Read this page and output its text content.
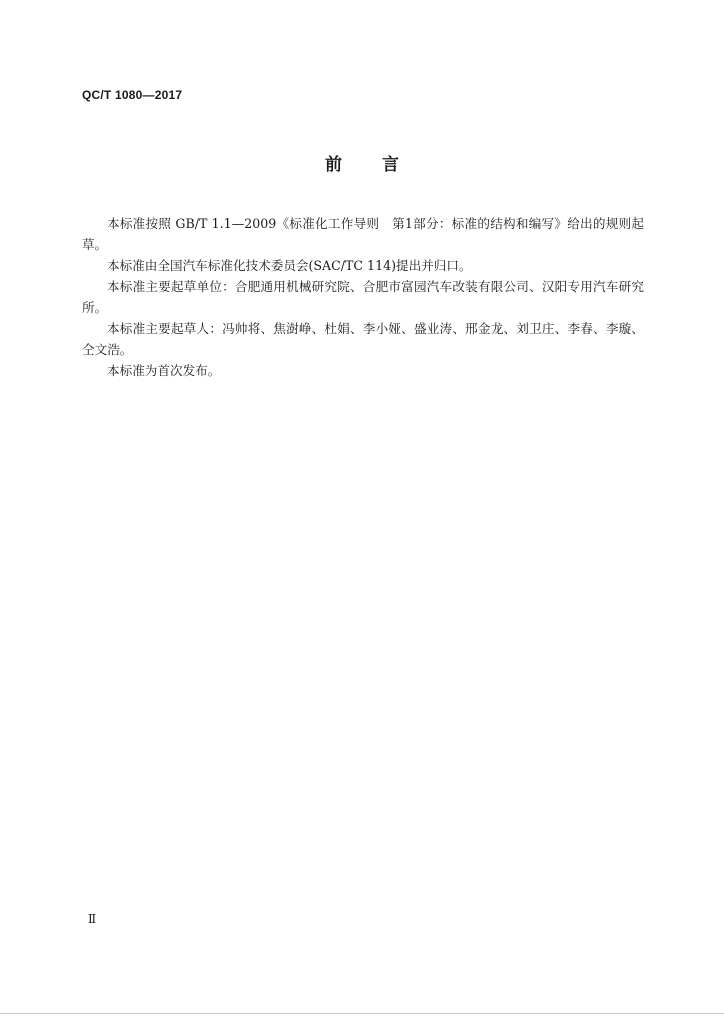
QC/T 1080—2017
前 言

本标准按照 GB/T 1.1—2009《标准化工作导则　第1部分：标准的结构和编写》给出的规则起草。

本标准由全国汽车标准化技术委员会(SAC/TC 114)提出并归口。

本标准主要起草单位：合肥通用机械研究院、合肥市富园汽车改装有限公司、汉阳专用汽车研究所。

本标准主要起草人：冯帅将、焦澍峥、杜娟、李小娅、盛业涛、邢金龙、刘卫庄、李春、李璇、仝文浩。

本标准为首次发布。

Ⅱ
